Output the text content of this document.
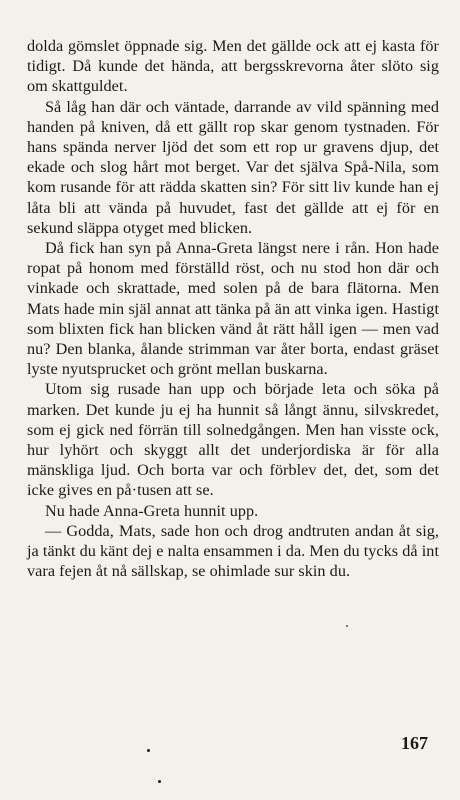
dolda gömslet öppnade sig. Men det gällde ock att ej kasta för tidigt. Då kunde det hända, att bergsskrevorna åter slöto sig om skattguldet.

Så låg han där och väntade, darrande av vild spänning med handen på kniven, då ett gällt rop skar genom tystnaden. För hans spända nerver ljöd det som ett rop ur gravens djup, det ekade och slog hårt mot berget. Var det själva Spå-Nila, som kom rusande för att rädda skatten sin? För sitt liv kunde han ej låta bli att vända på huvudet, fast det gällde att ej för en sekund släppa otyget med blicken.

Då fick han syn på Anna-Greta längst nere i rån. Hon hade ropat på honom med förställd röst, och nu stod hon där och vinkade och skrattade, med solen på de bara flätorna. Men Mats hade min själ annat att tänka på än att vinka igen. Hastigt som blixten fick han blicken vänd åt rätt håll igen — men vad nu? Den blanka, ålande strimman var åter borta, endast gräset lyste nyutsprucket och grönt mellan buskarna.

Utom sig rusade han upp och började leta och söka på marken. Det kunde ju ej ha hunnit så långt ännu, silvskredet, som ej gick ned förrän till solnedgången. Men han visste ock, hur lyhört och skyggt allt det underjordiska är för alla mänskliga ljud. Och borta var och förblev det, det, som det icke gives en på·tusen att se.

Nu hade Anna-Greta hunnit upp.

— Godda, Mats, sade hon och drog andtruten andan åt sig, ja tänkt du känt dej e nalta ensammen i da. Men du tycks då int vara fejen åt nå sällskap, se ohimlade sur skin du.

167
